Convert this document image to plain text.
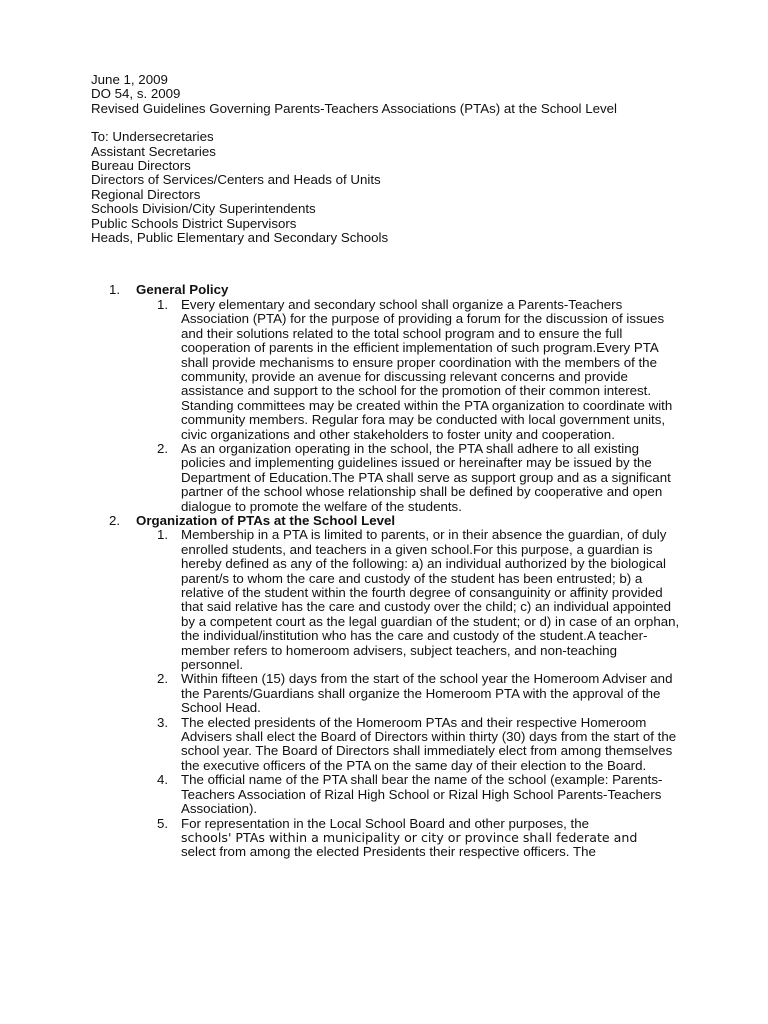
June 1, 2009
DO 54, s. 2009
Revised Guidelines Governing Parents-Teachers Associations (PTAs) at the School Level
To: Undersecretaries
Assistant Secretaries
Bureau Directors
Directors of Services/Centers and Heads of Units
Regional Directors
Schools Division/City Superintendents
Public Schools District Supervisors
Heads, Public Elementary and Secondary Schools
1. General Policy
1. Every elementary and secondary school shall organize a Parents-Teachers Association (PTA) for the purpose of providing a forum for the discussion of issues and their solutions related to the total school program and to ensure the full cooperation of parents in the efficient implementation of such program.Every PTA shall provide mechanisms to ensure proper coordination with the members of the community, provide an avenue for discussing relevant concerns and provide assistance and support to the school for the promotion of their common interest. Standing committees may be created within the PTA organization to coordinate with community members. Regular fora may be conducted with local government units, civic organizations and other stakeholders to foster unity and cooperation.
2. As an organization operating in the school, the PTA shall adhere to all existing policies and implementing guidelines issued or hereinafter may be issued by the Department of Education.The PTA shall serve as support group and as a significant partner of the school whose relationship shall be defined by cooperative and open dialogue to promote the welfare of the students.
2. Organization of PTAs at the School Level
1. Membership in a PTA is limited to parents, or in their absence the guardian, of duly enrolled students, and teachers in a given school.For this purpose, a guardian is hereby defined as any of the following: a) an individual authorized by the biological parent/s to whom the care and custody of the student has been entrusted; b) a relative of the student within the fourth degree of consanguinity or affinity provided that said relative has the care and custody over the child; c) an individual appointed by a competent court as the legal guardian of the student; or d) in case of an orphan, the individual/institution who has the care and custody of the student.A teacher-member refers to homeroom advisers, subject teachers, and non-teaching personnel.
2. Within fifteen (15) days from the start of the school year the Homeroom Adviser and the Parents/Guardians shall organize the Homeroom PTA with the approval of the School Head.
3. The elected presidents of the Homeroom PTAs and their respective Homeroom Advisers shall elect the Board of Directors within thirty (30) days from the start of the school year. The Board of Directors shall immediately elect from among themselves the executive officers of the PTA on the same day of their election to the Board.
4. The official name of the PTA shall bear the name of the school (example: Parents-Teachers Association of Rizal High School or Rizal High School Parents-Teachers Association).
5. For representation in the Local School Board and other purposes, the
schools' PTAs within a municipality or city or province shall federate and
select from among the elected Presidents their respective officers. The
